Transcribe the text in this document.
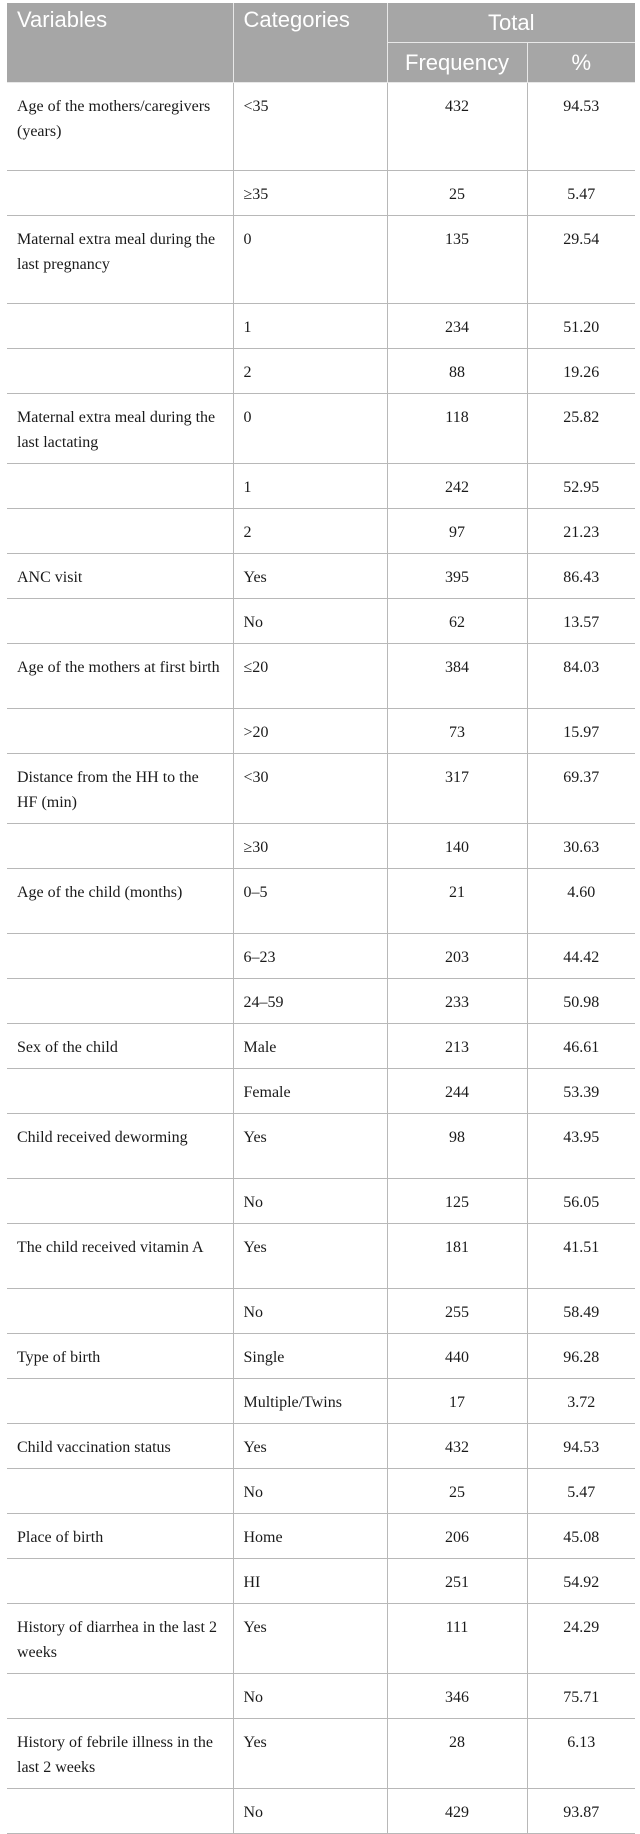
Variables	Categories	Total	
		Frequency	%
Age of the mothers/caregivers (years)	<35	432	94.53
	≥35	25	5.47
Maternal extra meal during the last pregnancy	0	135	29.54
	1	234	51.20
	2	88	19.26
Maternal extra meal during the last lactating	0	118	25.82
	1	242	52.95
	2	97	21.23
ANC visit	Yes	395	86.43
	No	62	13.57
Age of the mothers at first birth	≤20	384	84.03
	>20	73	15.97
Distance from the HH to the HF (min)	<30	317	69.37
	≥30	140	30.63
Age of the child (months)	0–5	21	4.60
	6–23	203	44.42
	24–59	233	50.98
Sex of the child	Male	213	46.61
	Female	244	53.39
Child received deworming	Yes	98	43.95
	No	125	56.05
The child received vitamin A	Yes	181	41.51
	No	255	58.49
Type of birth	Single	440	96.28
	Multiple/Twins	17	3.72
Child vaccination status	Yes	432	94.53
	No	25	5.47
Place of birth	Home	206	45.08
	HI	251	54.92
History of diarrhea in the last 2 weeks	Yes	111	24.29
	No	346	75.71
History of febrile illness in the last 2 weeks	Yes	28	6.13
	No	429	93.87
